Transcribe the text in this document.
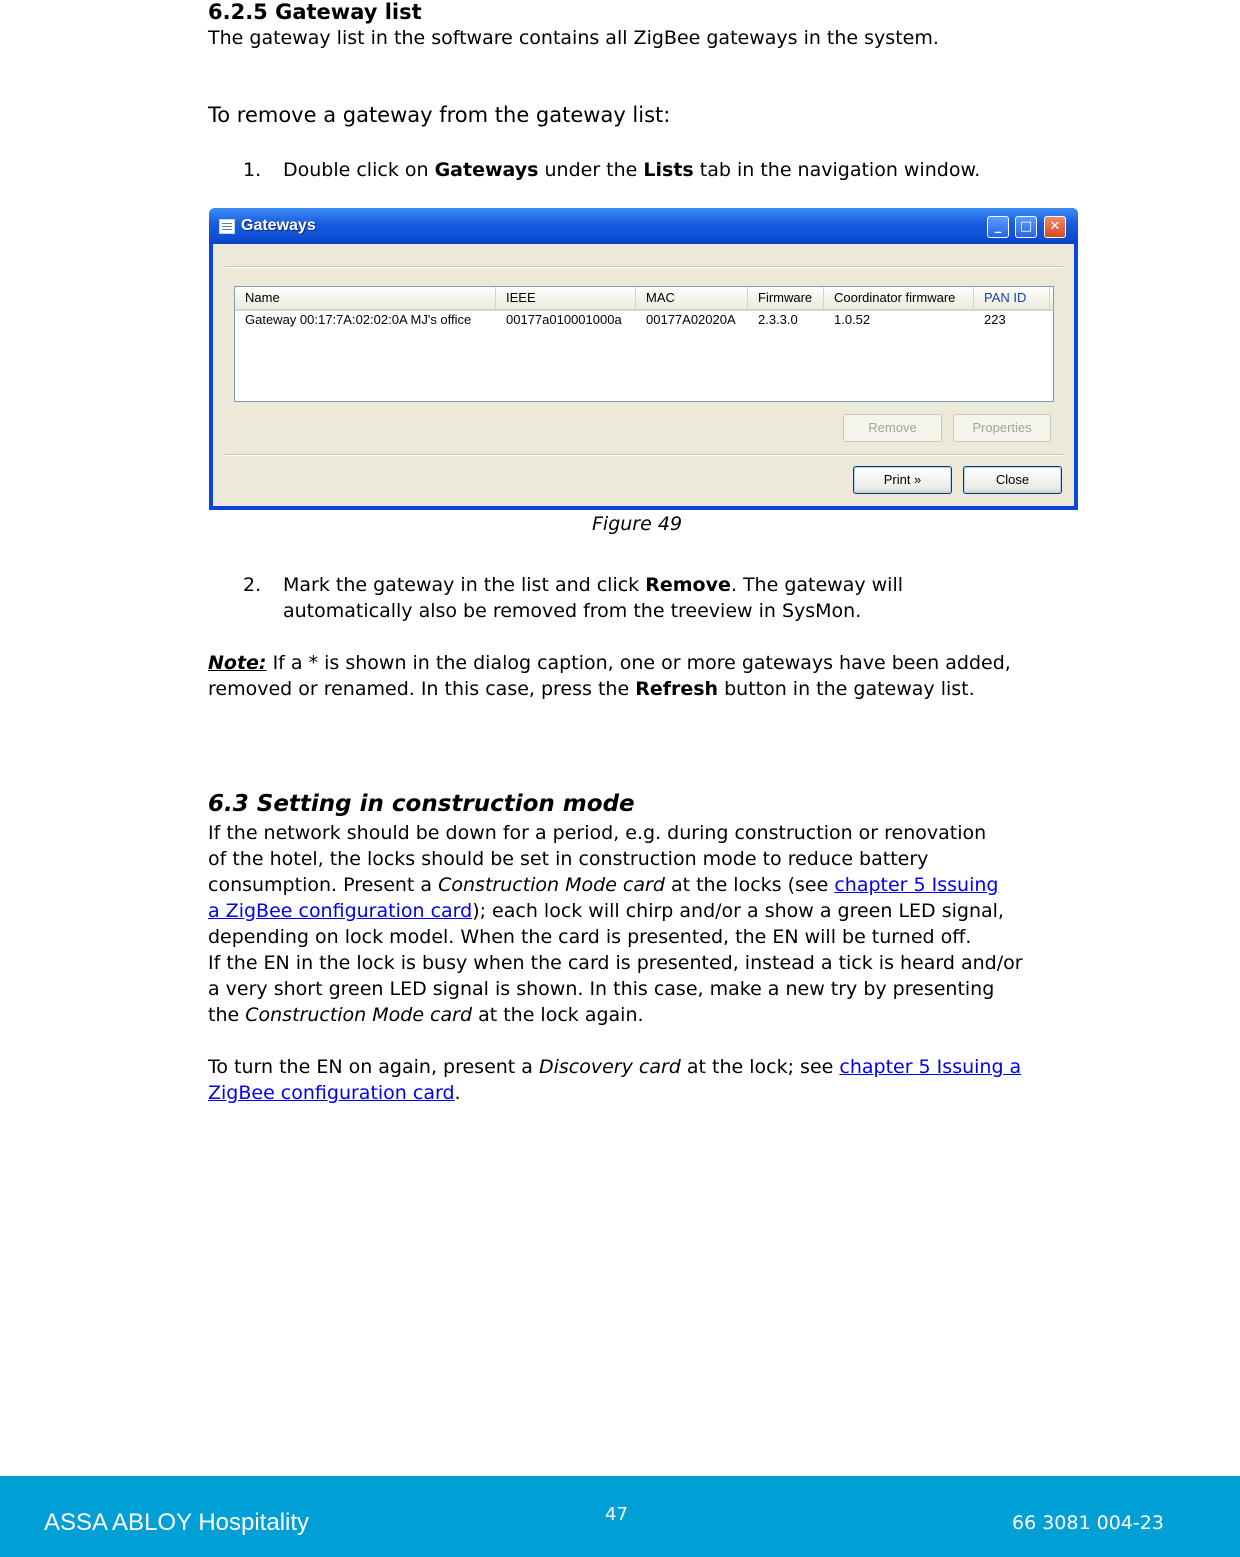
6.2.5 Gateway list
The gateway list in the software contains all ZigBee gateways in the system.
To remove a gateway from the gateway list:
1. Double click on Gateways under the Lists tab in the navigation window.
Gateways	_	□	✕
Name	IEEE	MAC	Firmware	Coordinator firmware	PAN ID
Gateway 00:17:7A:02:02:0A MJ's office	00177a010001000a	00177A02020A	2.3.3.0	1.0.52	223
Remove	Properties
Print »	Close
Figure 49
2. Mark the gateway in the list and click Remove. The gateway will
automatically also be removed from the treeview in SysMon.
Note: If a * is shown in the dialog caption, one or more gateways have been added,
removed or renamed. In this case, press the Refresh button in the gateway list.
6.3 Setting in construction mode
If the network should be down for a period, e.g. during construction or renovation
of the hotel, the locks should be set in construction mode to reduce battery
consumption. Present a Construction Mode card at the locks (see chapter 5 Issuing
a ZigBee configuration card); each lock will chirp and/or a show a green LED signal,
depending on lock model. When the card is presented, the EN will be turned off.
If the EN in the lock is busy when the card is presented, instead a tick is heard and/or
a very short green LED signal is shown. In this case, make a new try by presenting
the Construction Mode card at the lock again.
To turn the EN on again, present a Discovery card at the lock; see chapter 5 Issuing a
ZigBee configuration card.
ASSA ABLOY Hospitality	47	66 3081 004-23
